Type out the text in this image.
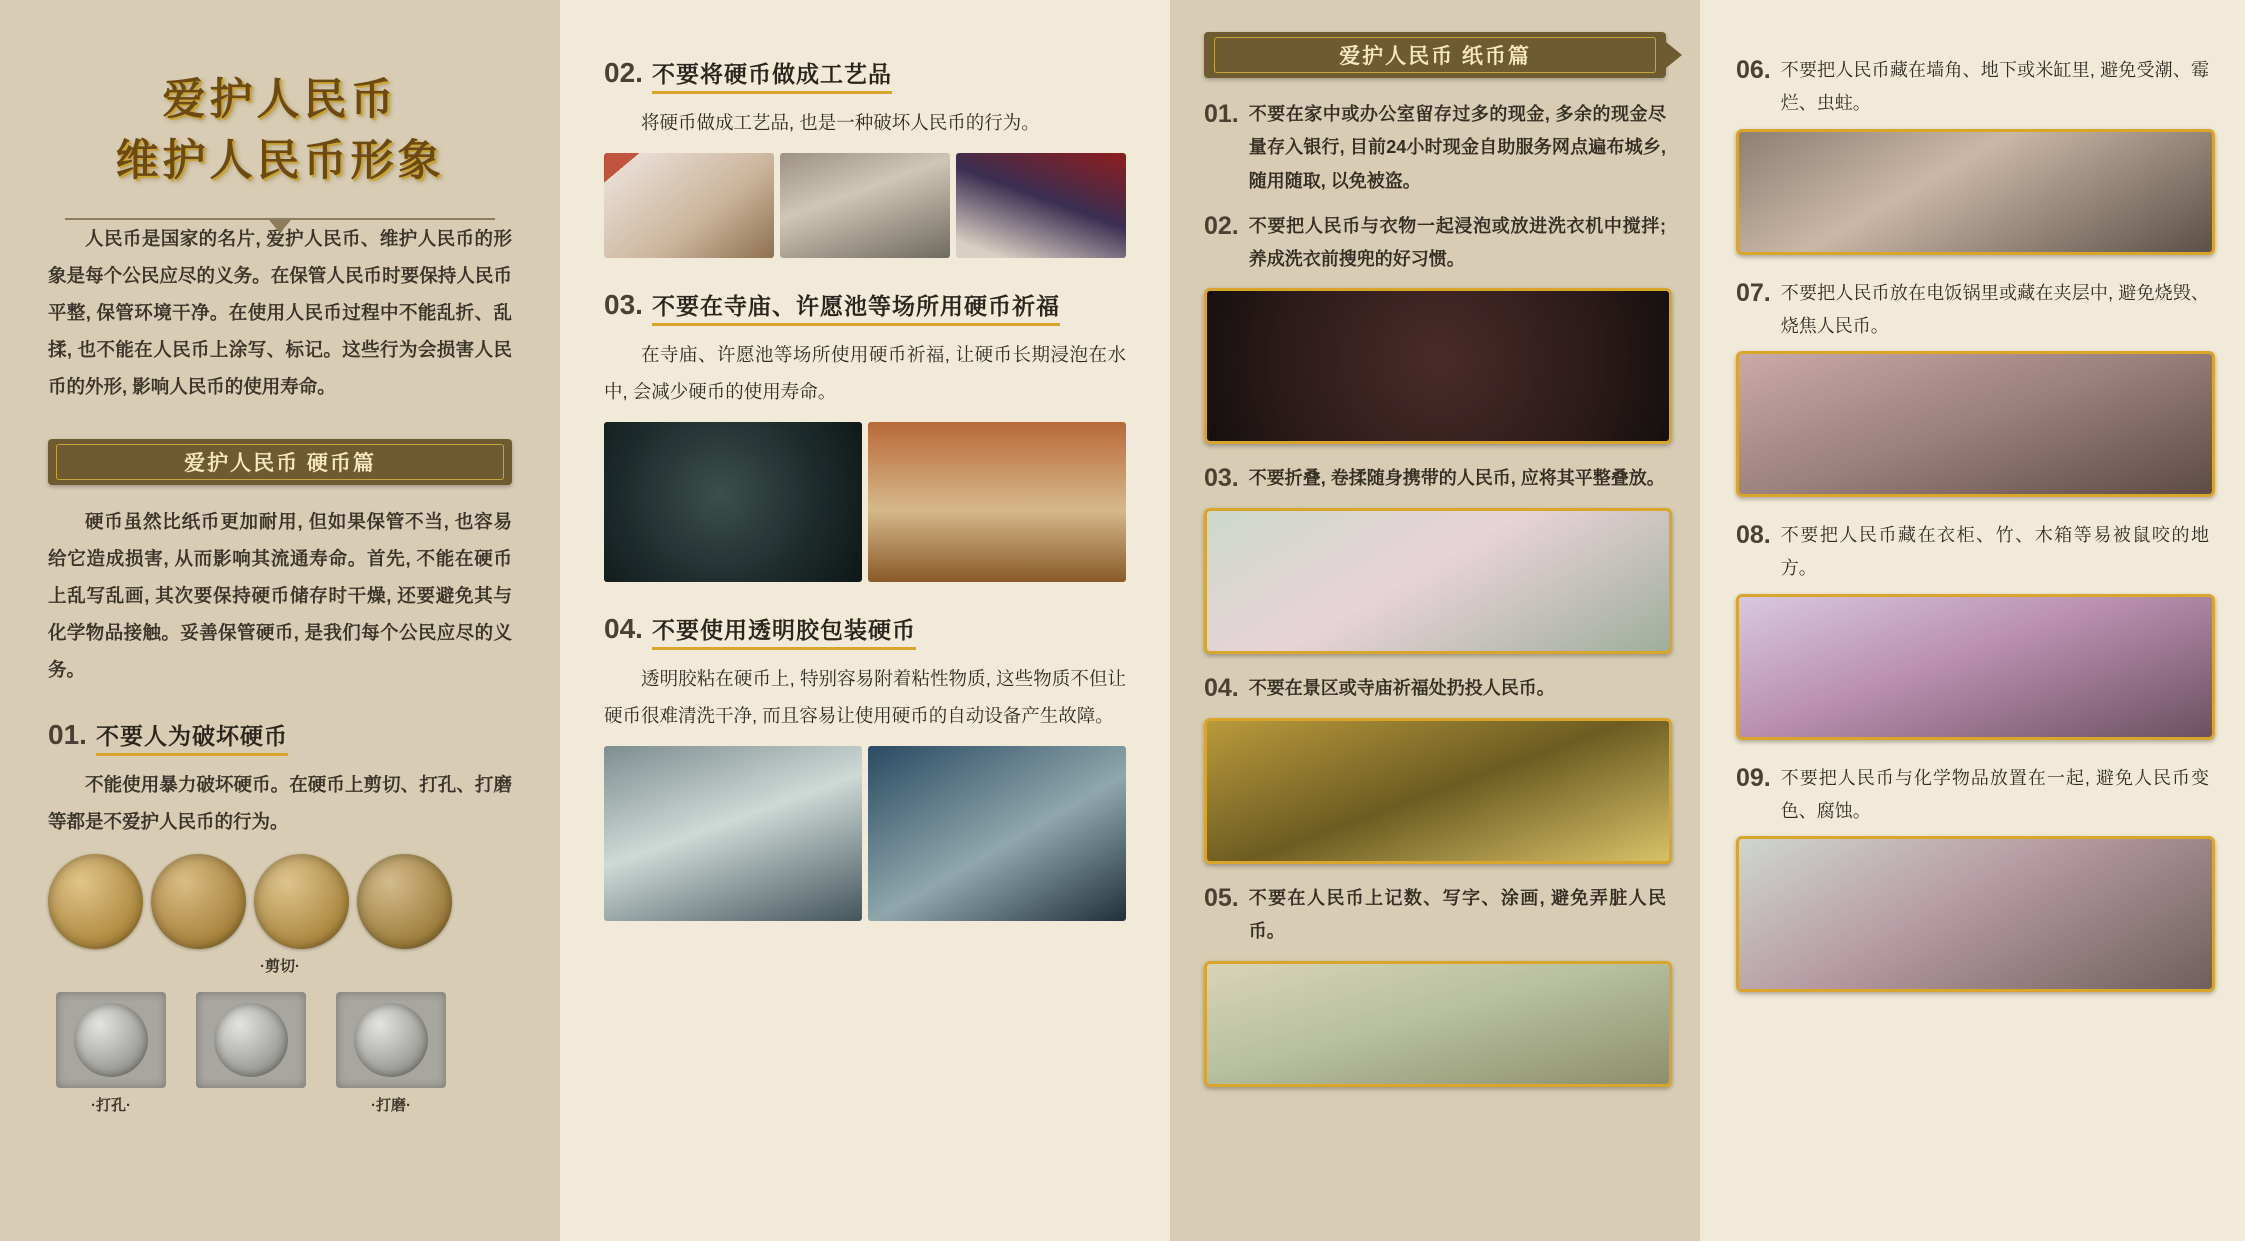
爱护人民币
维护人民币形象

人民币是国家的名片, 爱护人民币、维护人民币的形象是每个公民应尽的义务。在保管人民币时要保持人民币平整, 保管环境干净。在使用人民币过程中不能乱折、乱揉, 也不能在人民币上涂写、标记。这些行为会损害人民币的外形, 影响人民币的使用寿命。

爱护人民币 硬币篇

硬币虽然比纸币更加耐用, 但如果保管不当, 也容易给它造成损害, 从而影响其流通寿命。首先, 不能在硬币上乱写乱画, 其次要保持硬币储存时干燥, 还要避免其与化学物品接触。妥善保管硬币, 是我们每个公民应尽的义务。

01. 不要人为破坏硬币

不能使用暴力破坏硬币。在硬币上剪切、打孔、打磨等都是不爱护人民币的行为。

·剪切·
·打孔·	·打磨·
02. 不要将硬币做成工艺品

将硬币做成工艺品, 也是一种破坏人民币的行为。

03. 不要在寺庙、许愿池等场所用硬币祈福

在寺庙、许愿池等场所使用硬币祈福, 让硬币长期浸泡在水中, 会减少硬币的使用寿命。

04. 不要使用透明胶包装硬币

透明胶粘在硬币上, 特别容易附着粘性物质, 这些物质不但让硬币很难清洗干净, 而且容易让使用硬币的自动设备产生故障。

爱护人民币 纸币篇
01. 不要在家中或办公室留存过多的现金, 多余的现金尽量存入银行, 目前24小时现金自助服务网点遍布城乡, 随用随取, 以免被盗。
02. 不要把人民币与衣物一起浸泡或放进洗衣机中搅拌; 养成洗衣前搜兜的好习惯。
03. 不要折叠, 卷揉随身携带的人民币, 应将其平整叠放。
04. 不要在景区或寺庙祈福处扔投人民币。
05. 不要在人民币上记数、写字、涂画, 避免弄脏人民币。
06. 不要把人民币藏在墙角、地下或米缸里, 避免受潮、霉烂、虫蛀。
07. 不要把人民币放在电饭锅里或藏在夹层中, 避免烧毁、烧焦人民币。
08. 不要把人民币藏在衣柜、竹、木箱等易被鼠咬的地方。
09. 不要把人民币与化学物品放置在一起, 避免人民币变色、腐蚀。
